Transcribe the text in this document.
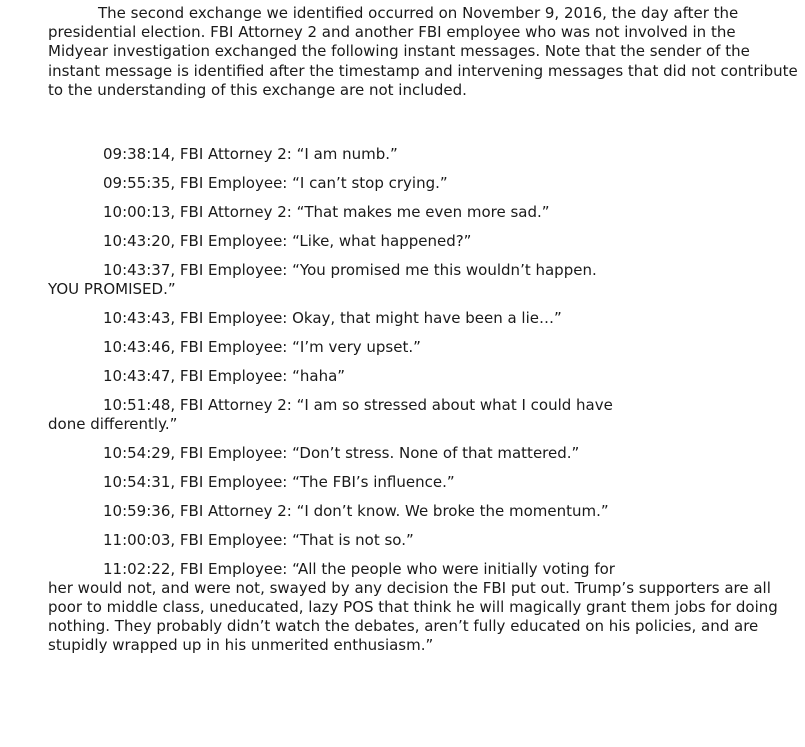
The second exchange we identified occurred on November 9, 2016, the day after the presidential election. FBI Attorney 2 and another FBI employee who was not involved in the Midyear investigation exchanged the following instant messages. Note that the sender of the instant message is identified after the timestamp and intervening messages that did not contribute to the understanding of this exchange are not included.

09:38:14, FBI Attorney 2: “I am numb.”

09:55:35, FBI Employee: “I can’t stop crying.”

10:00:13, FBI Attorney 2: “That makes me even more sad.”

10:43:20, FBI Employee: “Like, what happened?”

10:43:37, FBI Employee: “You promised me this wouldn’t happen.
YOU PROMISED.”

10:43:43, FBI Employee: Okay, that might have been a lie…”

10:43:46, FBI Employee: “I’m very upset.”

10:43:47, FBI Employee: “haha”

10:51:48, FBI Attorney 2: “I am so stressed about what I could have
done differently.”

10:54:29, FBI Employee: “Don’t stress. None of that mattered.”

10:54:31, FBI Employee: “The FBI’s influence.”

10:59:36, FBI Attorney 2: “I don’t know. We broke the momentum.”

11:00:03, FBI Employee: “That is not so.”

11:02:22, FBI Employee: “All the people who were initially voting for
her would not, and were not, swayed by any decision the FBI put out. Trump’s supporters are all poor to middle class, uneducated, lazy POS that think he will magically grant them jobs for doing nothing. They probably didn’t watch the debates, aren’t fully educated on his policies, and are stupidly wrapped up in his unmerited enthusiasm.”
